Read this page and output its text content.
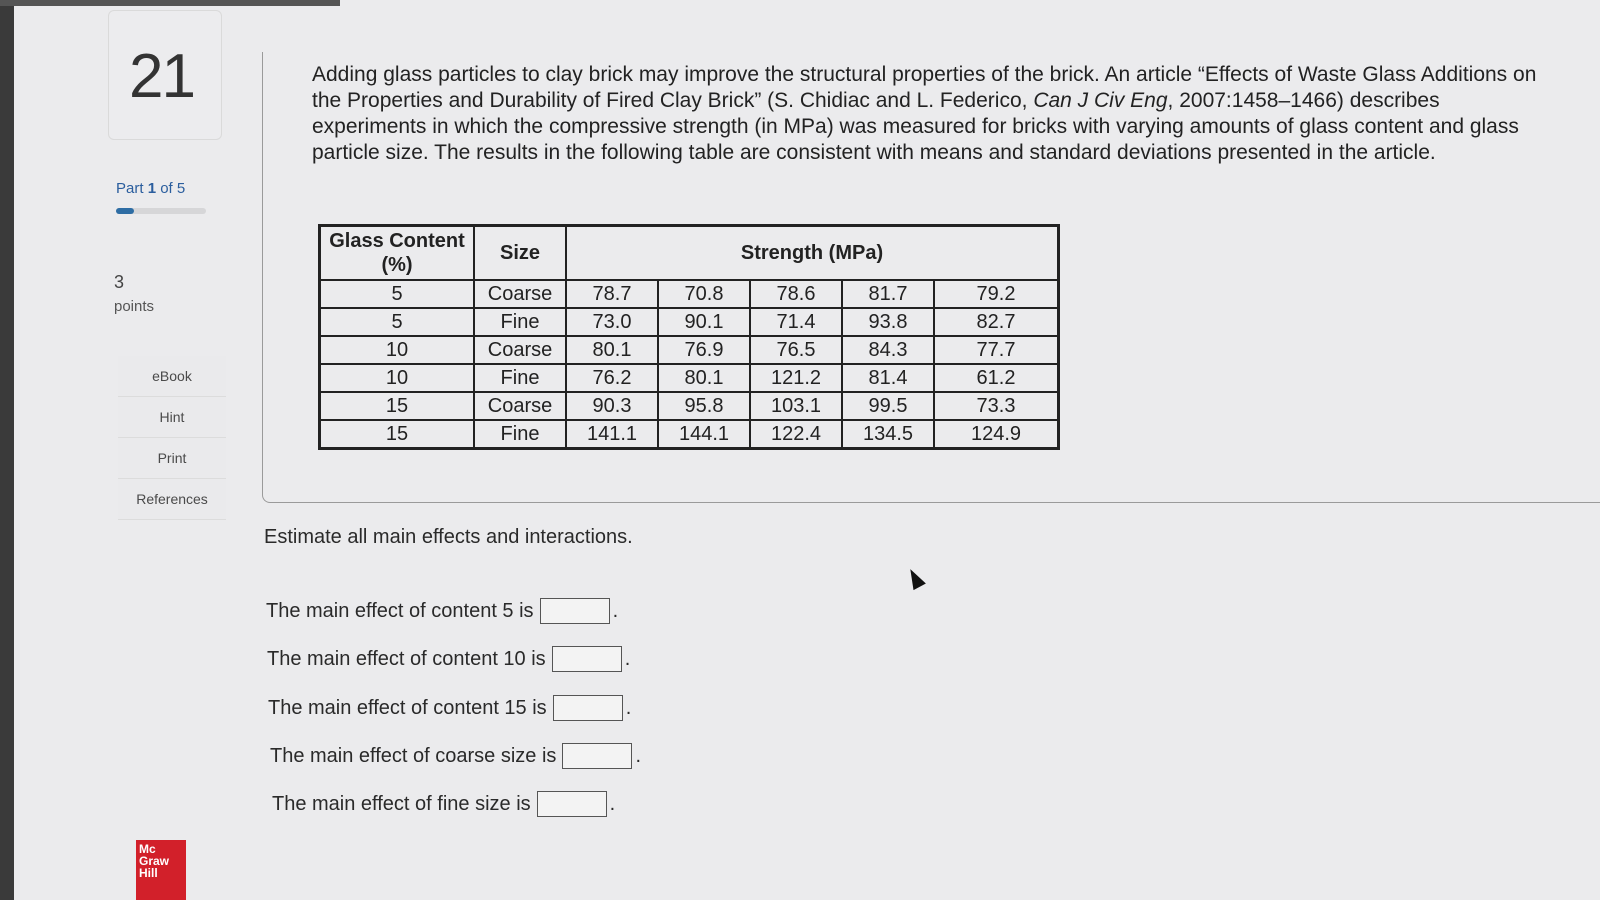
21
Part 1 of 5
3
points
eBook
Hint
Print
References
Adding glass particles to clay brick may improve the structural properties of the brick. An article “Effects of Waste Glass Additions on the Properties and Durability of Fired Clay Brick” (S. Chidiac and L. Federico, Can J Civ Eng, 2007:1458–1466) describes experiments in which the compressive strength (in MPa) was measured for bricks with varying amounts of glass content and glass particle size. The results in the following table are consistent with means and standard deviations presented in the article.
Glass Content (%)	Size	Strength (MPa)				
5	Coarse	78.7	70.8	78.6	81.7	79.2
5	Fine	73.0	90.1	71.4	93.8	82.7
10	Coarse	80.1	76.9	76.5	84.3	77.7
10	Fine	76.2	80.1	121.2	81.4	61.2
15	Coarse	90.3	95.8	103.1	99.5	73.3
15	Fine	141.1	144.1	122.4	134.5	124.9
Estimate all main effects and interactions.
The main effect of content 5 is	.
The main effect of content 10 is	.
The main effect of content 15 is	.
The main effect of coarse size is	.
The main effect of fine size is	.
Mc
Graw
Hill
